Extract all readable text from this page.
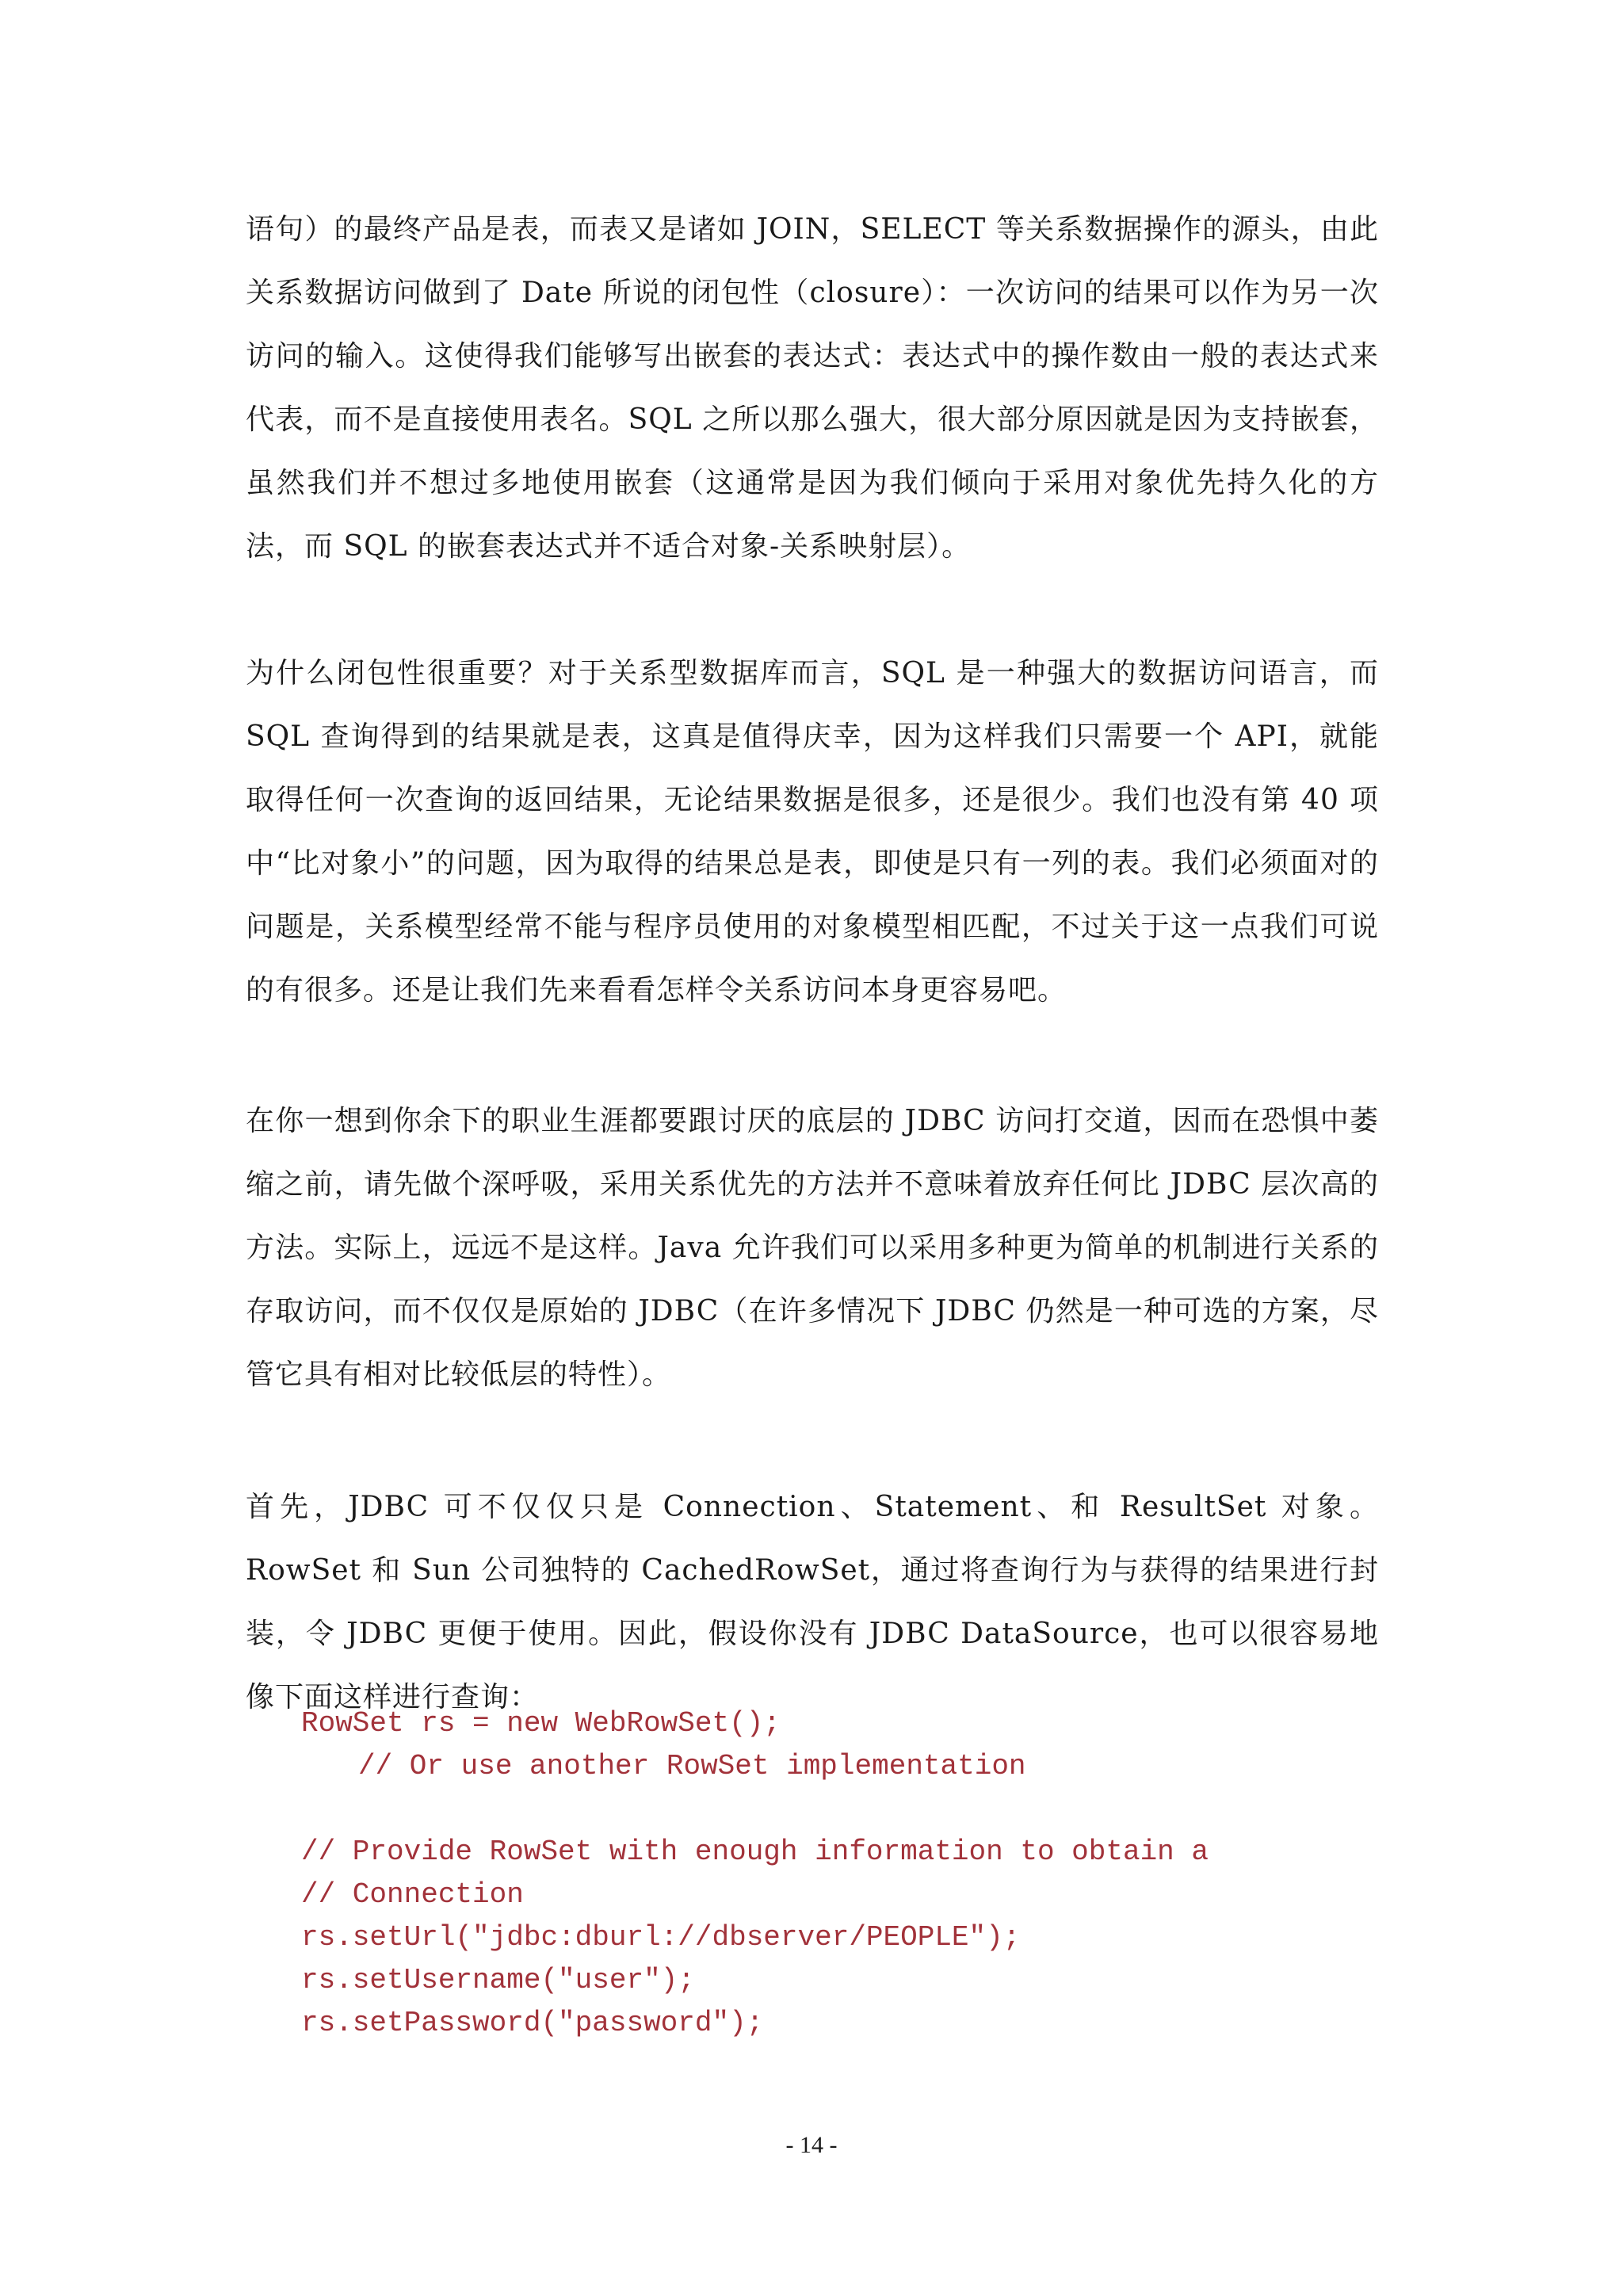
语句）的最终产品是表，而表又是诸如 JOIN，SELECT 等关系数据操作的源头，由此关系数据访问做到了 Date 所说的闭包性（closure）：一次访问的结果可以作为另一次访问的输入。这使得我们能够写出嵌套的表达式：表达式中的操作数由一般的表达式来代表，而不是直接使用表名。SQL 之所以那么强大，很大部分原因就是因为支持嵌套，虽然我们并不想过多地使用嵌套（这通常是因为我们倾向于采用对象优先持久化的方法，而 SQL 的嵌套表达式并不适合对象-关系映射层）。

为什么闭包性很重要？对于关系型数据库而言，SQL 是一种强大的数据访问语言，而 SQL 查询得到的结果就是表，这真是值得庆幸，因为这样我们只需要一个 API，就能取得任何一次查询的返回结果，无论结果数据是很多，还是很少。我们也没有第 40 项中“比对象小”的问题，因为取得的结果总是表，即使是只有一列的表。我们必须面对的问题是，关系模型经常不能与程序员使用的对象模型相匹配，不过关于这一点我们可说的有很多。还是让我们先来看看怎样令关系访问本身更容易吧。

在你一想到你余下的职业生涯都要跟讨厌的底层的 JDBC 访问打交道，因而在恐惧中萎缩之前，请先做个深呼吸，采用关系优先的方法并不意味着放弃任何比 JDBC 层次高的方法。实际上，远远不是这样。Java 允许我们可以采用多种更为简单的机制进行关系的存取访问，而不仅仅是原始的 JDBC（在许多情况下 JDBC 仍然是一种可选的方案，尽管它具有相对比较低层的特性）。

首先，JDBC 可不仅仅只是 Connection、Statement、和 ResultSet 对象。RowSet 和 Sun 公司独特的 CachedRowSet，通过将查询行为与获得的结果进行封装，令 JDBC 更便于使用。因此，假设你没有 JDBC DataSource，也可以很容易地像下面这样进行查询：

RowSet rs = new WebRowSet();
// Or use another RowSet implementation
// Provide RowSet with enough information to obtain a
// Connection
rs.setUrl("jdbc:dburl://dbserver/PEOPLE");
rs.setUsername("user");
rs.setPassword("password");
- 14 -
